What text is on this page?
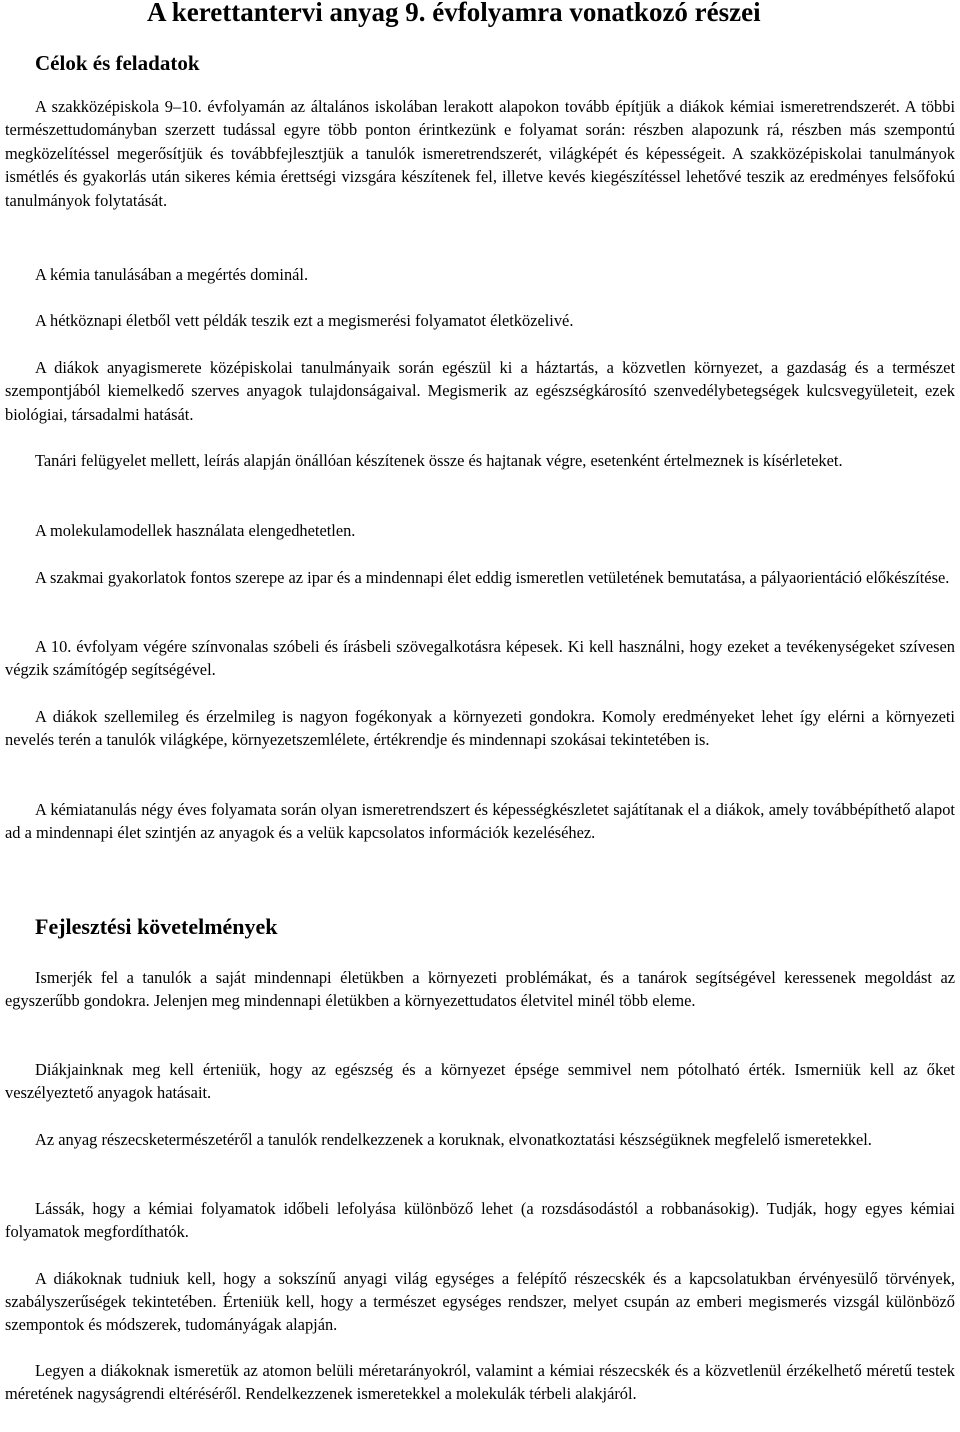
A kerettantervi anyag 9. évfolyamra vonatkozó részei
Célok és feladatok

A szakközépiskola 9–10. évfolyamán az általános iskolában lerakott alapokon tovább építjük a diákok kémiai ismeretrendszerét. A többi természettudományban szerzett tudással egyre több ponton érintkezünk e folyamat során: részben alapozunk rá, részben más szempontú megközelítéssel megerősítjük és továbbfejlesztjük a tanulók ismeretrendszerét, világképét és képességeit. A szakközépiskolai tanulmányok ismétlés és gyakorlás után sikeres kémia érettségi vizsgára készítenek fel, illetve kevés kiegészítéssel lehetővé teszik az eredményes felsőfokú tanulmányok folytatását.

A kémia tanulásában a megértés dominál.

A hétköznapi életből vett példák teszik ezt a megismerési folyamatot életközelivé.

A diákok anyagismerete középiskolai tanulmányaik során egészül ki a háztartás, a közvetlen környezet, a gazdaság és a természet szempontjából kiemelkedő szerves anyagok tulajdonságaival. Megismerik az egészségkárosító szenvedélybetegségek kulcsvegyületeit, ezek biológiai, társadalmi hatását.

Tanári felügyelet mellett, leírás alapján önállóan készítenek össze és hajtanak végre, esetenként értelmeznek is kísérleteket.

A molekulamodellek használata elengedhetetlen.

A szakmai gyakorlatok fontos szerepe az ipar és a mindennapi élet eddig ismeretlen vetületének bemutatása, a pályaorientáció előkészítése.

A 10. évfolyam végére színvonalas szóbeli és írásbeli szövegalkotásra képesek. Ki kell használni, hogy ezeket a tevékenységeket szívesen végzik számítógép segítségével.

A diákok szellemileg és érzelmileg is nagyon fogékonyak a környezeti gondokra. Komoly eredményeket lehet így elérni a környezeti nevelés terén a tanulók világképe, környezetszemlélete, értékrendje és mindennapi szokásai tekintetében is.

A kémiatanulás négy éves folyamata során olyan ismeretrendszert és képességkészletet sajátítanak el a diákok, amely továbbépíthető alapot ad a mindennapi élet szintjén az anyagok és a velük kapcsolatos információk kezeléséhez.

Fejlesztési követelmények

Ismerjék fel a tanulók a saját mindennapi életükben a környezeti problémákat, és a tanárok segítségével keressenek megoldást az egyszerűbb gondokra. Jelenjen meg mindennapi életükben a környezettudatos életvitel minél több eleme.

Diákjainknak meg kell érteniük, hogy az egészség és a környezet épsége semmivel nem pótolható érték. Ismerniük kell az őket veszélyeztető anyagok hatásait.

Az anyag részecsketermészetéről a tanulók rendelkezzenek a koruknak, elvonatkoztatási készségüknek megfelelő ismeretekkel.

Lássák, hogy a kémiai folyamatok időbeli lefolyása különböző lehet (a rozsdásodástól a robbanásokig). Tudják, hogy egyes kémiai folyamatok megfordíthatók.

A diákoknak tudniuk kell, hogy a sokszínű anyagi világ egységes a felépítő részecskék és a kapcsolatukban érvényesülő törvények, szabályszerűségek tekintetében. Érteniük kell, hogy a természet egységes rendszer, melyet csupán az emberi megismerés vizsgál különböző szempontok és módszerek, tudományágak alapján.

Legyen a diákoknak ismeretük az atomon belüli méretarányokról, valamint a kémiai részecskék és a közvetlenül érzékelhető méretű testek méretének nagyságrendi eltéréséről. Rendelkezzenek ismeretekkel a molekulák térbeli alakjáról.
